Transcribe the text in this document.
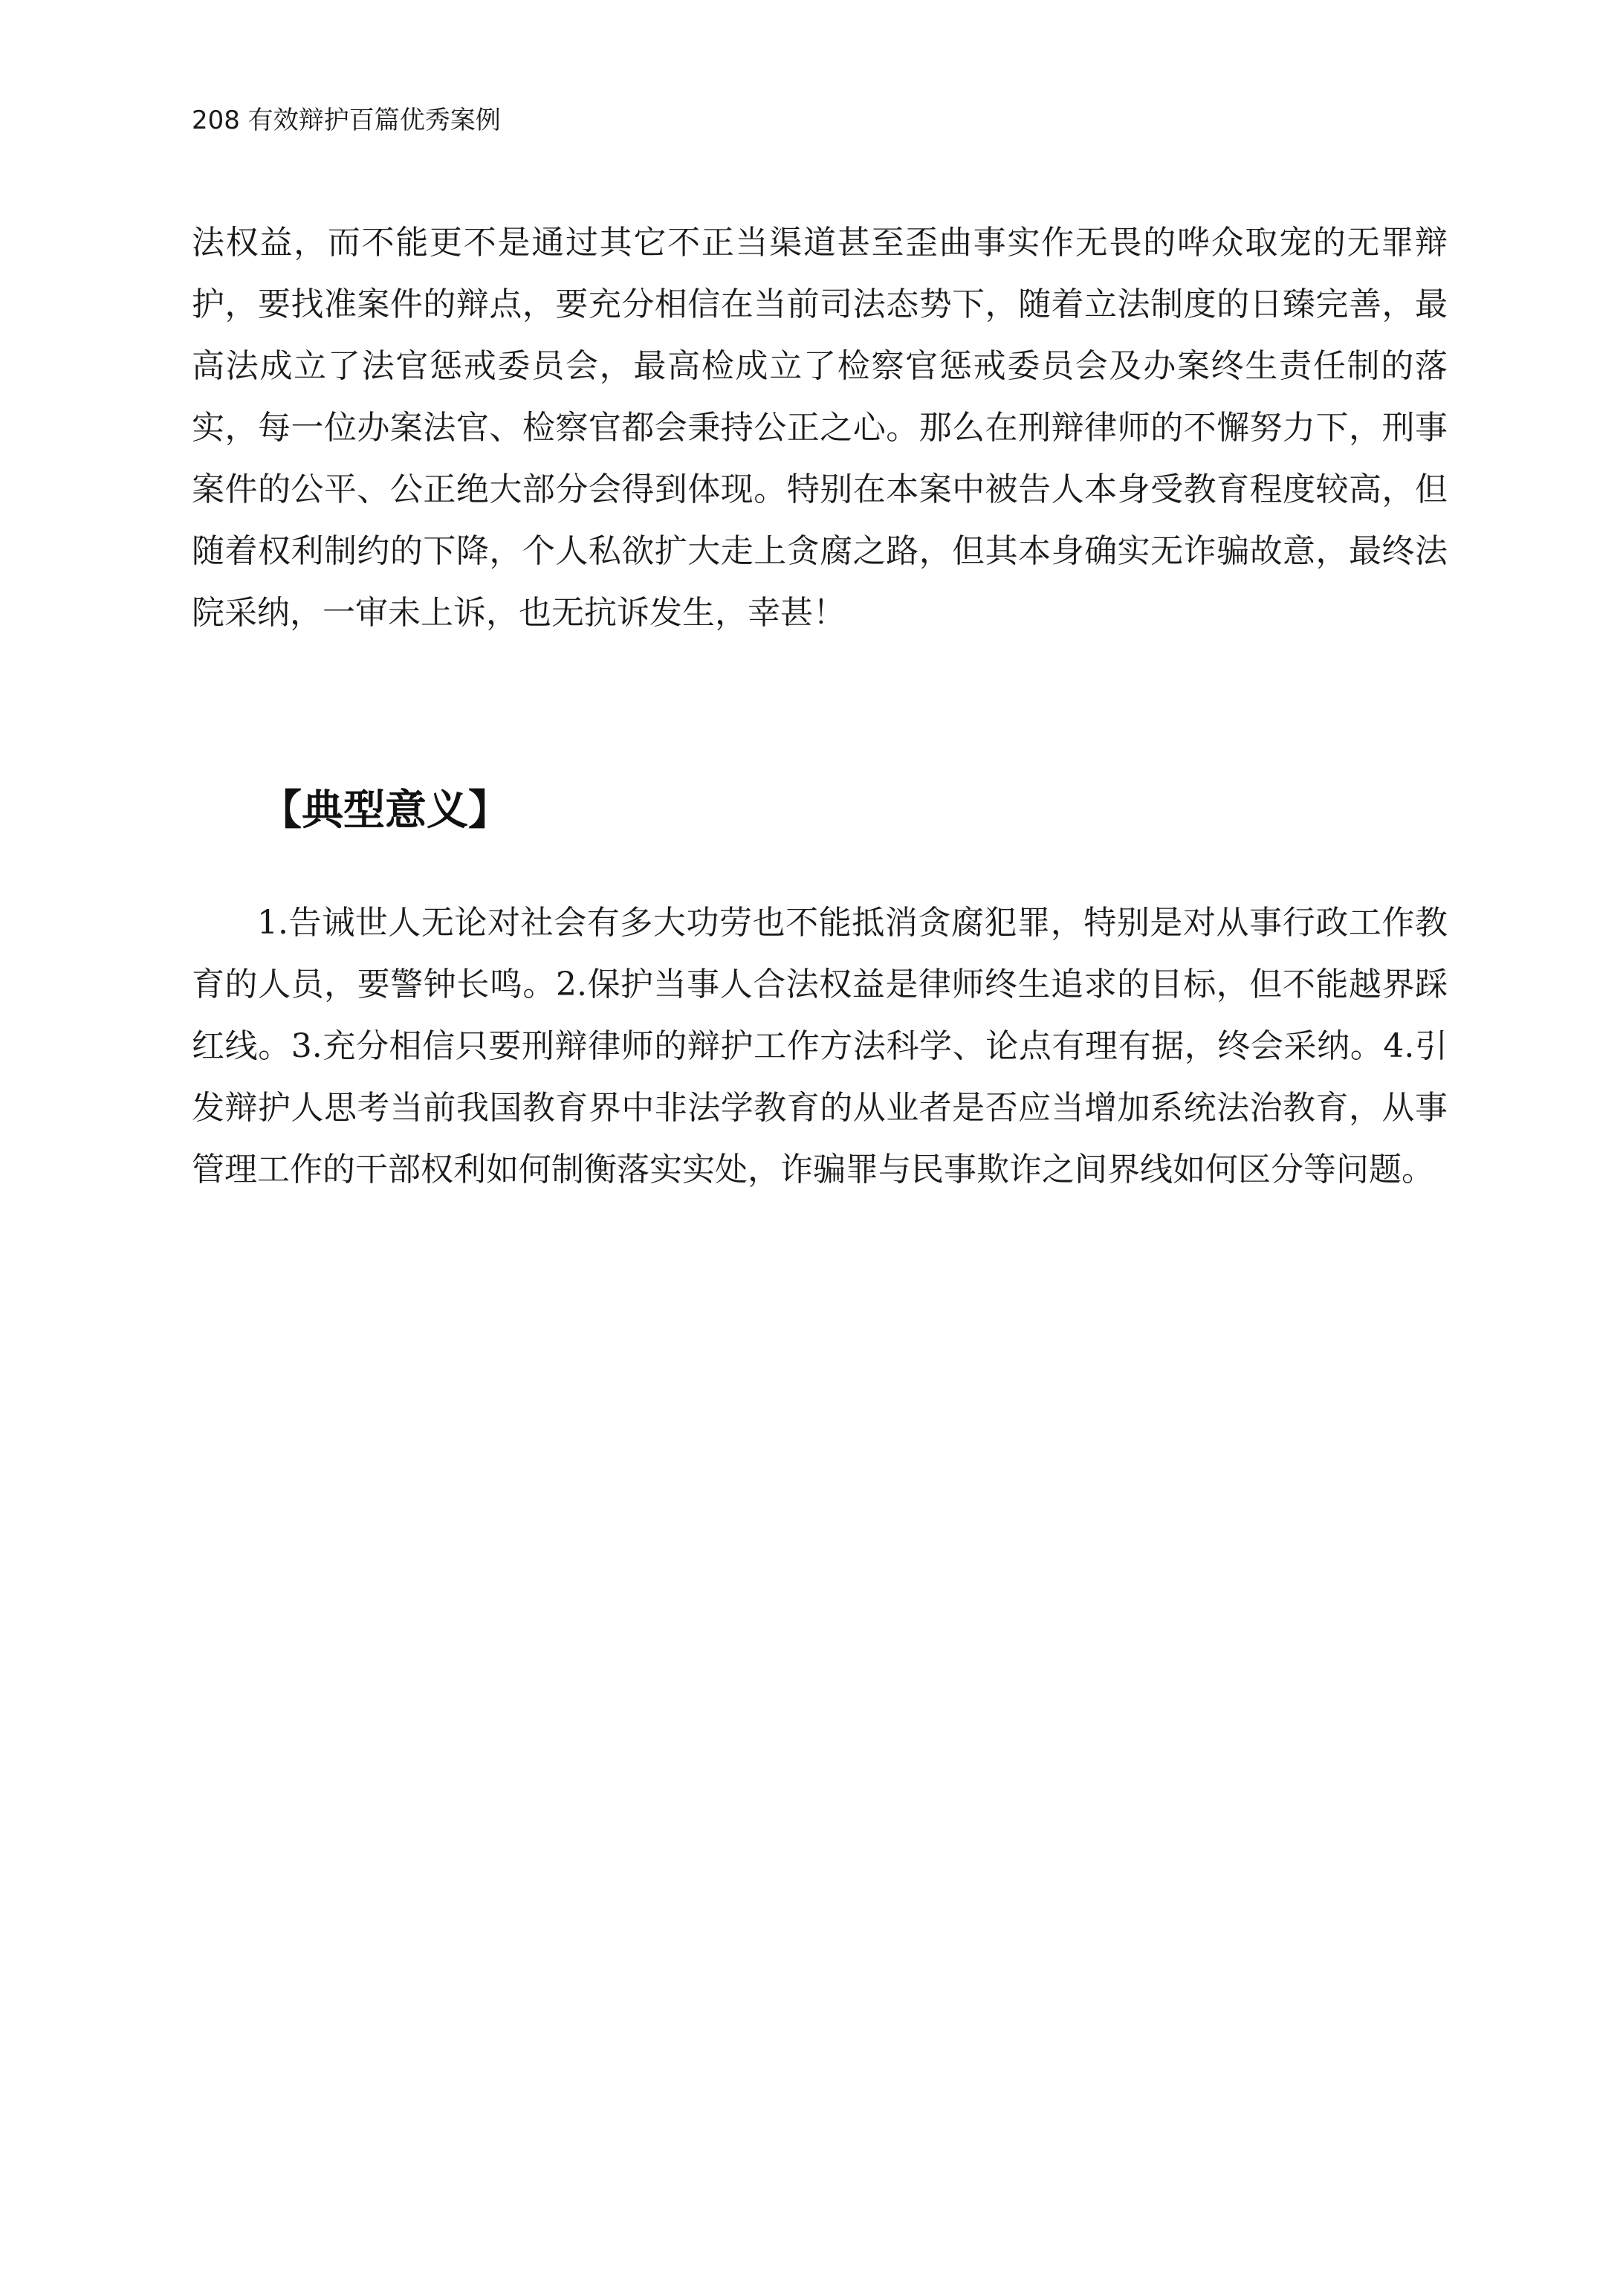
208 有效辩护百篇优秀案例

法权益，而不能更不是通过其它不正当渠道甚至歪曲事实作无畏的哗众取宠的无罪辩护，要找准案件的辩点，要充分相信在当前司法态势下，随着立法制度的日臻完善，最高法成立了法官惩戒委员会，最高检成立了检察官惩戒委员会及办案终生责任制的落实，每一位办案法官、检察官都会秉持公正之心。那么在刑辩律师的不懈努力下，刑事案件的公平、公正绝大部分会得到体现。特别在本案中被告人本身受教育程度较高，但随着权利制约的下降，个人私欲扩大走上贪腐之路，但其本身确实无诈骗故意，最终法院采纳，一审未上诉，也无抗诉发生，幸甚！

【典型意义】

1.告诫世人无论对社会有多大功劳也不能抵消贪腐犯罪，特别是对从事行政工作教育的人员，要警钟长鸣。2.保护当事人合法权益是律师终生追求的目标，但不能越界踩红线。3.充分相信只要刑辩律师的辩护工作方法科学、论点有理有据，终会采纳。4.引发辩护人思考当前我国教育界中非法学教育的从业者是否应当增加系统法治教育，从事管理工作的干部权利如何制衡落实实处，诈骗罪与民事欺诈之间界线如何区分等问题。
